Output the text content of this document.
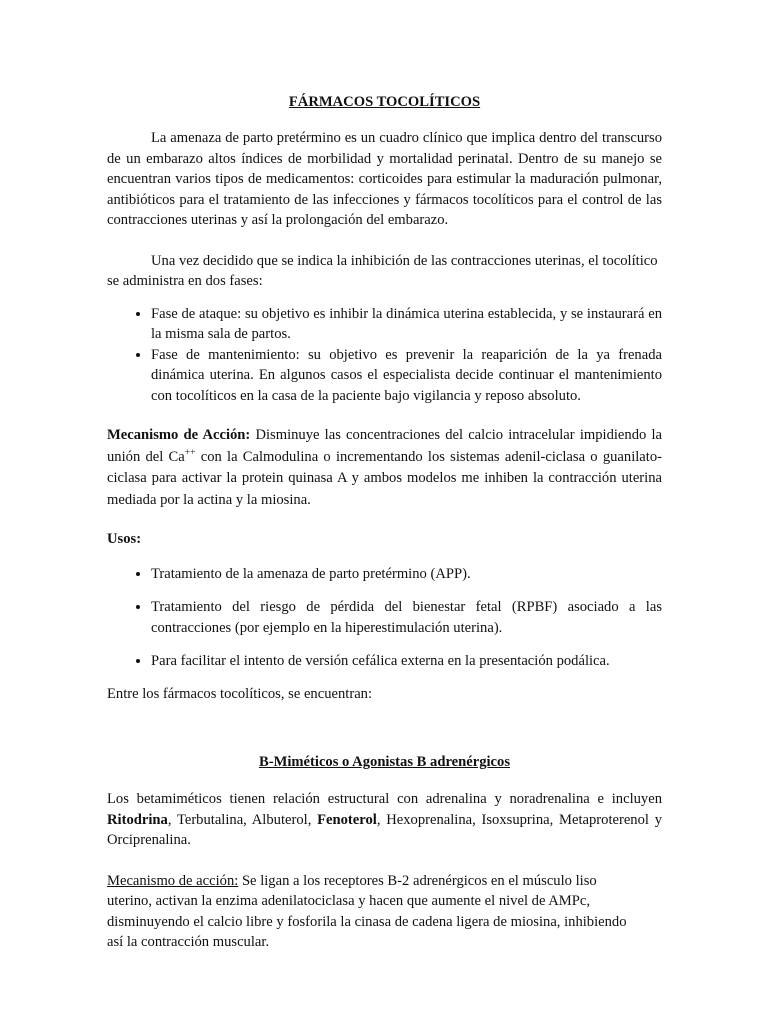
FÁRMACOS TOCOLÍTICOS

La amenaza de parto pretérmino es un cuadro clínico que implica dentro del transcurso de un embarazo altos índices de morbilidad y mortalidad perinatal. Dentro de su manejo se encuentran varios tipos de medicamentos: corticoides para estimular la maduración pulmonar, antibióticos para el tratamiento de las infecciones y fármacos tocolíticos para el control de las contracciones uterinas y así la prolongación del embarazo.

Una vez decidido que se indica la inhibición de las contracciones uterinas, el tocolítico se administra en dos fases:

• Fase de ataque: su objetivo es inhibir la dinámica uterina establecida, y se instaurará en la misma sala de partos.
• Fase de mantenimiento: su objetivo es prevenir la reaparición de la ya frenada dinámica uterina. En algunos casos el especialista decide continuar el mantenimiento con tocolíticos en la casa de la paciente bajo vigilancia y reposo absoluto.

Mecanismo de Acción: Disminuye las concentraciones del calcio intracelular impidiendo la unión del Ca++ con la Calmodulina o incrementando los sistemas adenil-ciclasa o guanilato-ciclasa para activar la protein quinasa A y ambos modelos me inhiben la contracción uterina mediada por la actina y la miosina.

Usos:

• Tratamiento de la amenaza de parto pretérmino (APP).
• Tratamiento del riesgo de pérdida del bienestar fetal (RPBF) asociado a las contracciones (por ejemplo en la hiperestimulación uterina).
• Para facilitar el intento de versión cefálica externa en la presentación podálica.

Entre los fármacos tocolíticos, se encuentran:

B-Miméticos o Agonistas B adrenérgicos

Los betamiméticos tienen relación estructural con adrenalina y noradrenalina e incluyen Ritodrina, Terbutalina, Albuterol, Fenoterol, Hexoprenalina, Isoxsuprina, Metaproterenol y Orciprenalina.

Mecanismo de acción: Se ligan a los receptores B-2 adrenérgicos en el músculo liso uterino, activan la enzima adenilatociclasa y hacen que aumente el nivel de AMPc, disminuyendo el calcio libre y fosforila la cinasa de cadena ligera de miosina, inhibiendo así la contracción muscular.
